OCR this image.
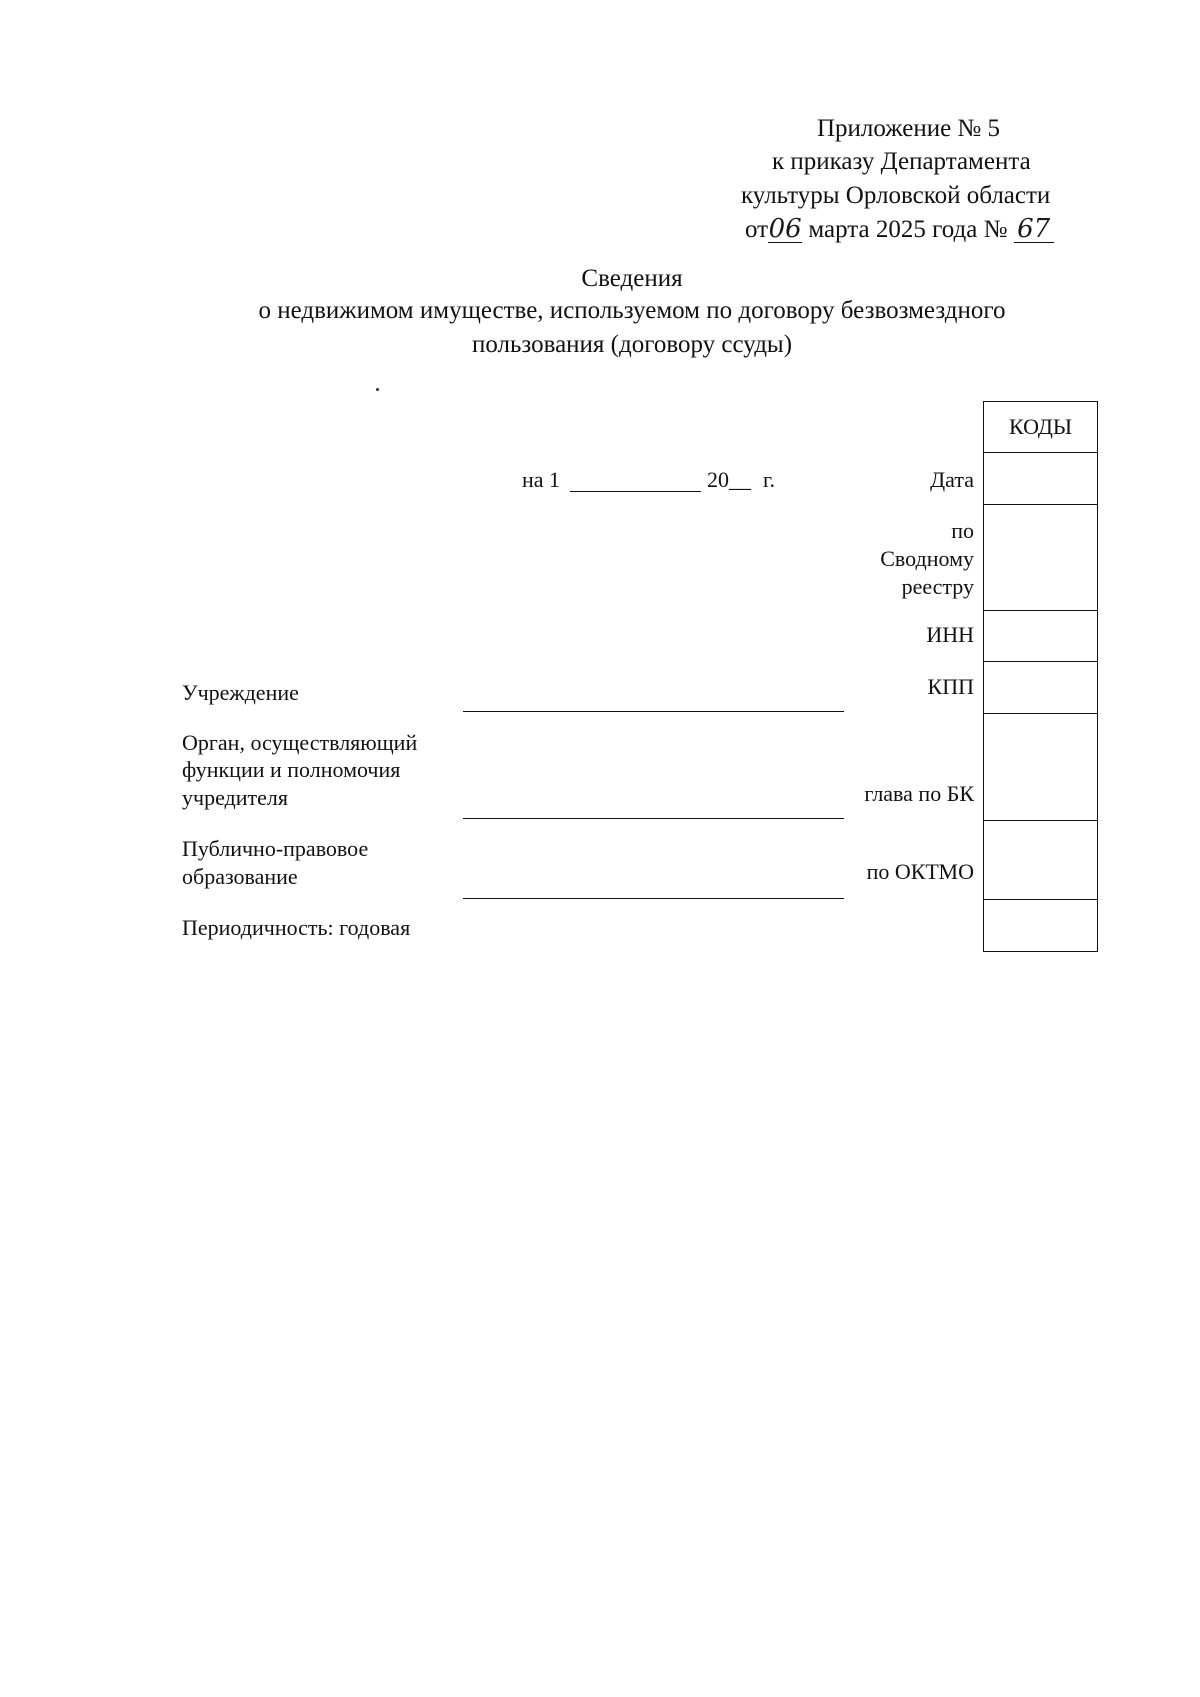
Приложение № 5
к приказу Департамента
культуры Орловской области
от06 марта 2025 года № 67
Сведения
о недвижимом имуществе, используемом по договору безвозмездного
пользования (договору ссуды)
на 1	20__ г.	Дата
по
Сводному
реестру
ИНН
КПП
глава по БК
по ОКТМО
Учреждение
Орган, осуществляющий
функции и полномочия
учредителя
Публично-правовое
образование
Периодичность: годовая
КОДЫ
